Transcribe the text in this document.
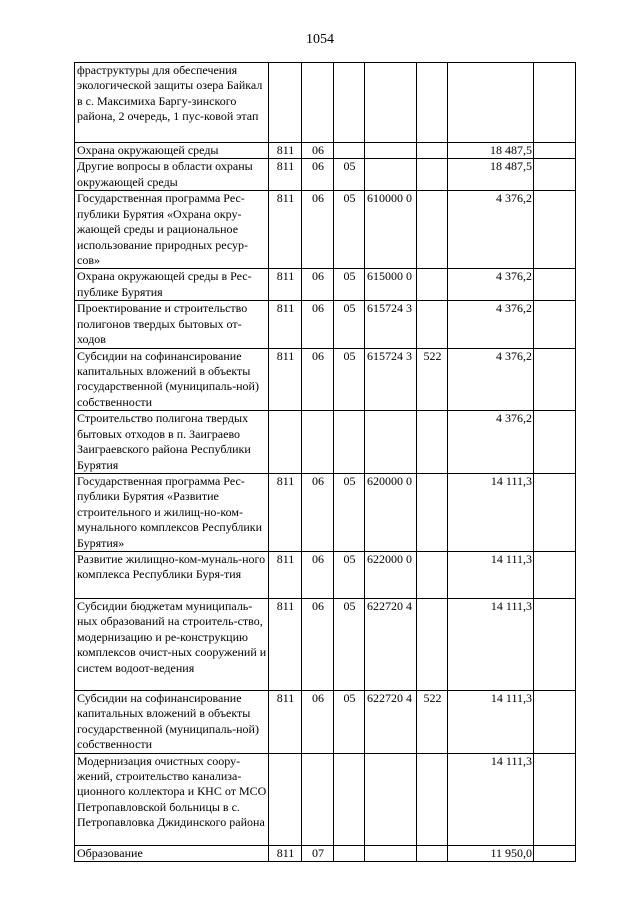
1054
фраструктуры для обеспечения экологической защиты озера Байкал в с. Максимиха Баргу-зинского района, 2 очередь, 1 пус-ковой этап							
Охрана окружающей среды	811	06				18 487,5	
Другие вопросы в области охраны окружающей среды	811	06	05			18 487,5	
Государственная программа Рес-публики Бурятия «Охрана окру-жающей среды и рациональное использование природных ресур-сов»	811	06	05	610000 0		4 376,2	
Охрана окружающей среды в Рес-публике Бурятия	811	06	05	615000 0		4 376,2	
Проектирование и строительство полигонов твердых бытовых от-ходов	811	06	05	615724 3		4 376,2	
Субсидии на софинансирование капитальных вложений в объекты государственной (муниципаль-ной) собственности	811	06	05	615724 3	522	4 376,2	
Строительство полигона твердых бытовых отходов в п. Заиграево Заиграевского района Республики Бурятия						4 376,2	
Государственная программа Рес-публики Бурятия «Развитие строительного и жилищ-но-ком-мунального комплексов Республики Бурятия»	811	06	05	620000 0		14 111,3	
Развитие жилищно-ком-муналь-ного комплекса Республики Буря-тия	811	06	05	622000 0		14 111,3	
Субсидии бюджетам муниципаль-ных образований на строитель-ство, модернизацию и ре-конструкцию комплексов очист-ных сооружений и систем водоот-ведения	811	06	05	622720 4		14 111,3	
Субсидии на софинансирование капитальных вложений в объекты государственной (муниципаль-ной) собственности	811	06	05	622720 4	522	14 111,3	
Модернизация очистных соору-жений, строительство канализа-ционного коллектора и КНС от МСО Петропавловской больницы в с. Петропавловка Джидинского района						14 111,3	
Образование	811	07				11 950,0	
